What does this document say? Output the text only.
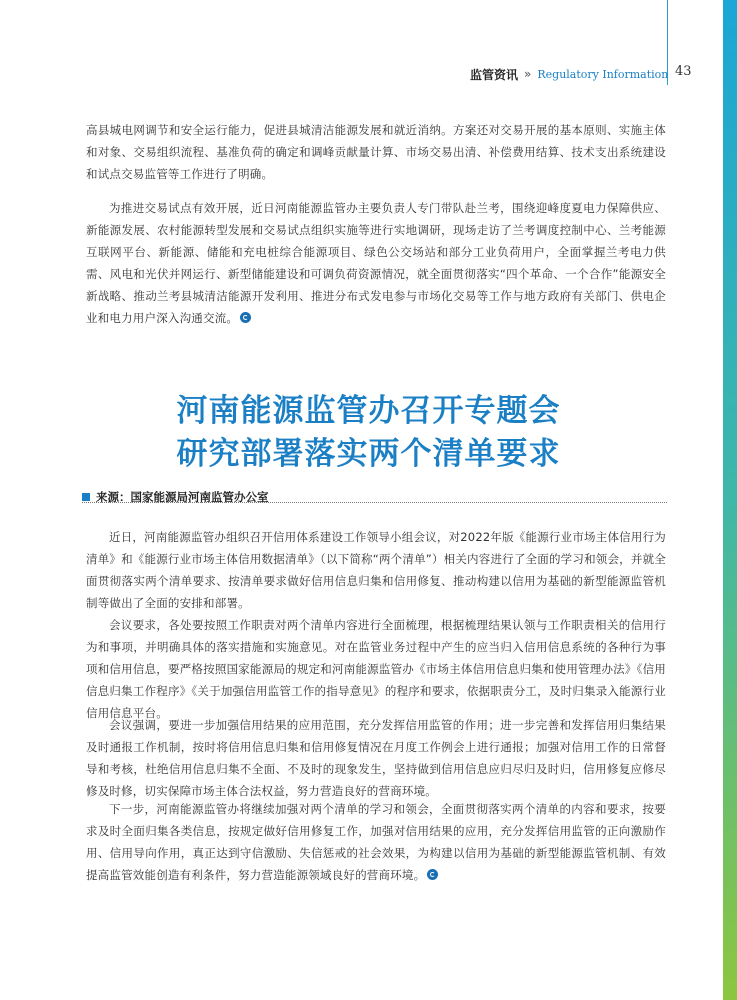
监管资讯 » Regulatory Information 43

高县城电网调节和安全运行能力，促进县城清洁能源发展和就近消纳。方案还对交易开展的基本原则、实施主体和对象、交易组织流程、基准负荷的确定和调峰贡献量计算、市场交易出清、补偿费用结算、技术支出系统建设和试点交易监管等工作进行了明确。

为推进交易试点有效开展，近日河南能源监管办主要负责人专门带队赴兰考，围绕迎峰度夏电力保障供应、新能源发展、农村能源转型发展和交易试点组织实施等进行实地调研，现场走访了兰考调度控制中心、兰考能源互联网平台、新能源、储能和充电桩综合能源项目、绿色公交场站和部分工业负荷用户，全面掌握兰考电力供需、风电和光伏并网运行、新型储能建设和可调负荷资源情况，就全面贯彻落实“四个革命、一个合作”能源安全新战略、推动兰考县城清洁能源开发利用、推进分布式发电参与市场化交易等工作与地方政府有关部门、供电企业和电力用户深入沟通交流。

河南能源监管办召开专题会
研究部署落实两个清单要求
来源：国家能源局河南监管办公室

近日，河南能源监管办组织召开信用体系建设工作领导小组会议，对2022年版《能源行业市场主体信用行为清单》和《能源行业市场主体信用数据清单》（以下简称“两个清单”）相关内容进行了全面的学习和领会，并就全面贯彻落实两个清单要求、按清单要求做好信用信息归集和信用修复、推动构建以信用为基础的新型能源监管机制等做出了全面的安排和部署。

会议要求，各处要按照工作职责对两个清单内容进行全面梳理，根据梳理结果认领与工作职责相关的信用行为和事项，并明确具体的落实措施和实施意见。对在监管业务过程中产生的应当归入信用信息系统的各种行为事项和信用信息，要严格按照国家能源局的规定和河南能源监管办《市场主体信用信息归集和使用管理办法》《信用信息归集工作程序》《关于加强信用监管工作的指导意见》的程序和要求，依据职责分工，及时归集录入能源行业信用信息平台。

会议强调，要进一步加强信用结果的应用范围，充分发挥信用监管的作用；进一步完善和发挥信用归集结果及时通报工作机制，按时将信用信息归集和信用修复情况在月度工作例会上进行通报；加强对信用工作的日常督导和考核，杜绝信用信息归集不全面、不及时的现象发生，坚持做到信用信息应归尽归及时归，信用修复应修尽修及时修，切实保障市场主体合法权益，努力营造良好的营商环境。

下一步，河南能源监管办将继续加强对两个清单的学习和领会，全面贯彻落实两个清单的内容和要求，按要求及时全面归集各类信息，按规定做好信用修复工作，加强对信用结果的应用，充分发挥信用监管的正向激励作用、信用导向作用，真正达到守信激励、失信惩戒的社会效果，为构建以信用为基础的新型能源监管机制、有效提高监管效能创造有利条件，努力营造能源领域良好的营商环境。
